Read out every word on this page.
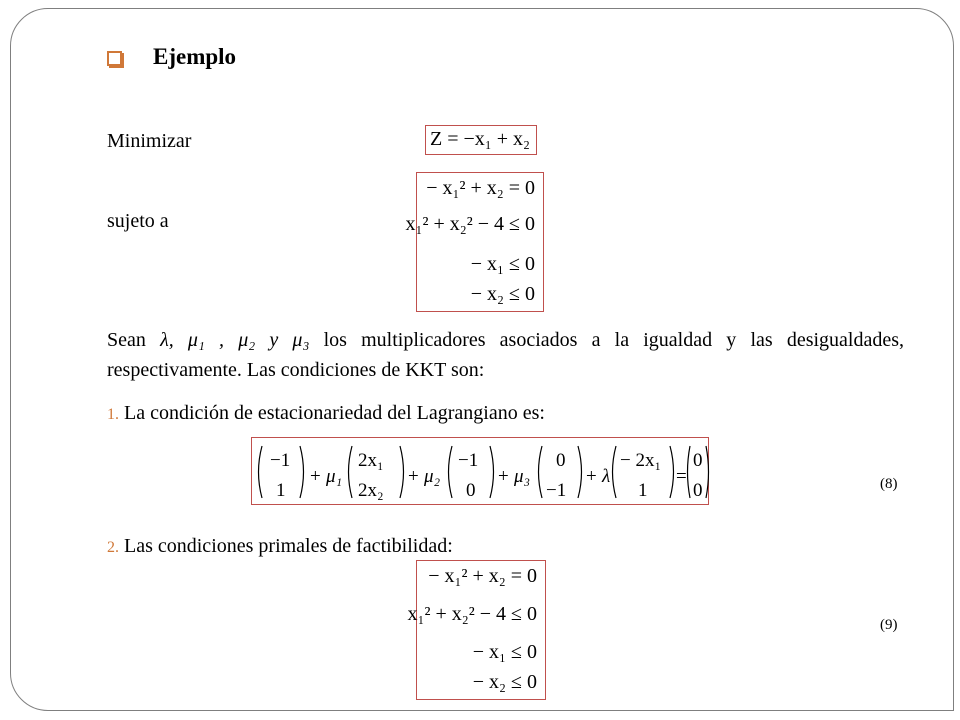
Ejemplo
Minimizar	Z = −x₁ + x₂
sujeto a
− x₁² + x₂ = 0
x₁² + x₂² − 4 ≤ 0
− x₁ ≤ 0
− x₂ ≤ 0
Sean λ, μ₁ , μ₂ y μ₃ los multiplicadores asociados a la igualdad y las desigualdades, respectivamente. Las condiciones de KKT son:
1. La condición de estacionariedad del Lagrangiano es:
−1
1
+ μ₁
2x₁
2x₂
+ μ₂
−1
0
+ μ₃
0
−1
+ λ
− 2x₁
1
=
0
0	(8)
2. Las condiciones primales de factibilidad:
− x₁² + x₂ = 0
x₁² + x₂² − 4 ≤ 0
− x₁ ≤ 0
− x₂ ≤ 0
(9)
